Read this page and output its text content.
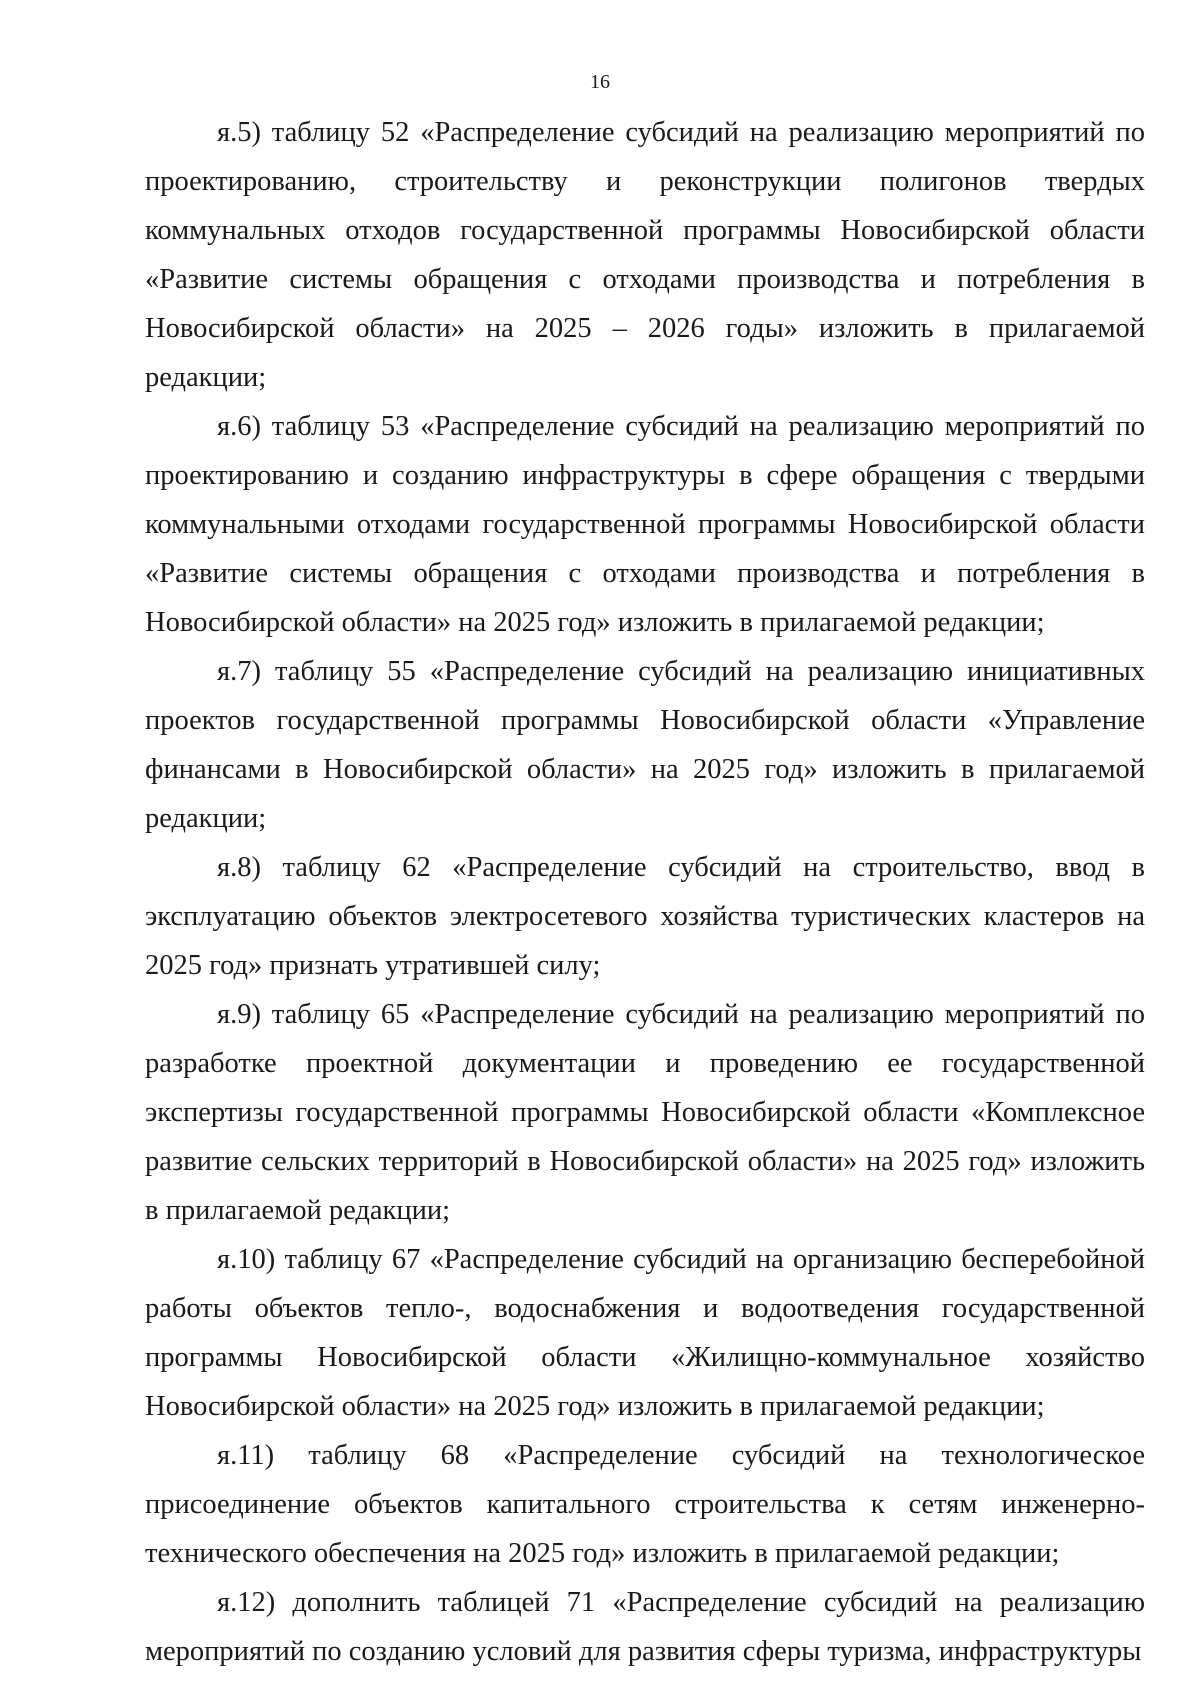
16

я.5) таблицу 52 «Распределение субсидий на реализацию мероприятий по проектированию, строительству и реконструкции полигонов твердых коммунальных отходов государственной программы Новосибирской области «Развитие системы обращения с отходами производства и потребления в Новосибирской области» на 2025 – 2026 годы» изложить в прилагаемой редакции;

я.6) таблицу 53 «Распределение субсидий на реализацию мероприятий по проектированию и созданию инфраструктуры в сфере обращения с твердыми коммунальными отходами государственной программы Новосибирской области «Развитие системы обращения с отходами производства и потребления в Новосибирской области» на 2025 год» изложить в прилагаемой редакции;

я.7) таблицу 55 «Распределение субсидий на реализацию инициативных проектов государственной программы Новосибирской области «Управление финансами в Новосибирской области» на 2025 год» изложить в прилагаемой редакции;

я.8) таблицу 62 «Распределение субсидий на строительство, ввод в эксплуатацию объектов электросетевого хозяйства туристических кластеров на 2025 год» признать утратившей силу;

я.9) таблицу 65 «Распределение субсидий на реализацию мероприятий по разработке проектной документации и проведению ее государственной экспертизы государственной программы Новосибирской области «Комплексное развитие сельских территорий в Новосибирской области» на 2025 год» изложить в прилагаемой редакции;

я.10) таблицу 67 «Распределение субсидий на организацию бесперебойной работы объектов тепло-, водоснабжения и водоотведения государственной программы Новосибирской области «Жилищно-коммунальное хозяйство Новосибирской области» на 2025 год» изложить в прилагаемой редакции;

я.11) таблицу 68 «Распределение субсидий на технологическое присоединение объектов капитального строительства к сетям инженерно-технического обеспечения на 2025 год» изложить в прилагаемой редакции;

я.12) дополнить таблицей 71 «Распределение субсидий на реализацию мероприятий по созданию условий для развития сферы туризма, инфраструктуры
